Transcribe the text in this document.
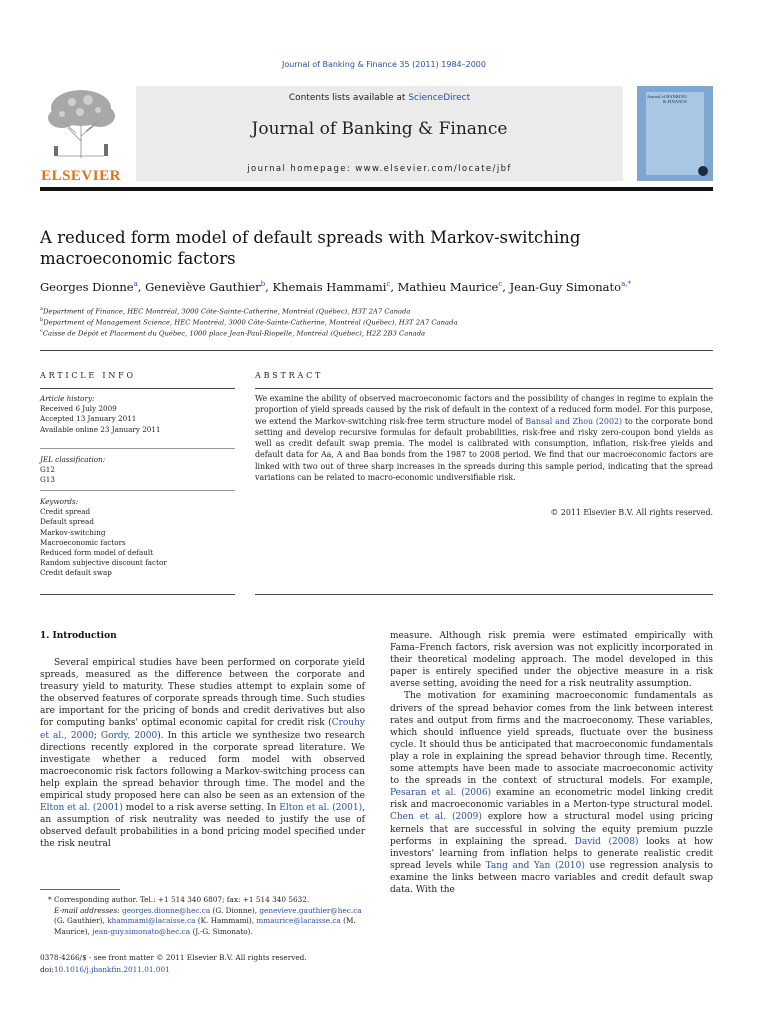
Journal of Banking & Finance 35 (2011) 1984–2000
ELSEVIER
Contents lists available at ScienceDirect
Journal of Banking & Finance
journal homepage: www.elsevier.com/locate/jbf
Journal of BANKING & FINANCE
A reduced form model of default spreads with Markov-switching
macroeconomic factors
Georges Dionne$^a$, Geneviève Gauthier$^b$, Khemais Hammami$^c$, Mathieu Maurice$^c$, Jean-Guy Simonato$^{a,*}$
$^a$Department of Finance, HEC Montréal, 3000 Côte-Sainte-Catherine, Montréal (Québec), H3T 2A7 Canada
$^b$Department of Management Science, HEC Montréal, 3000 Côte-Sainte-Catherine, Montréal (Québec), H3T 2A7 Canada
$^c$Caisse de Dépôt et Placement du Québec, 1000 place Jean-Paul-Riopelle, Montréal (Québec), H2Z 2B3 Canada
ARTICLE INFO	ABSTRACT
Article history:
Received 6 July 2009
Accepted 13 January 2011
Available online 23 January 2011
JEL classification:
G12
G13
Keywords:
Credit spread
Default spread
Markov-switching
Macroeconomic factors
Reduced form model of default
Random subjective discount factor
Credit default swap
We examine the ability of observed macroeconomic factors and the possibility of changes in regime to explain the proportion of yield spreads caused by the risk of default in the context of a reduced form model. For this purpose, we extend the Markov-switching risk-free term structure model of Bansal and Zhou (2002) to the corporate bond setting and develop recursive formulas for default probabilities, risk-free and risky zero-coupon bond yields as well as credit default swap premia. The model is calibrated with consumption, inflation, risk-free yields and default data for Aa, A and Baa bonds from the 1987 to 2008 period. We find that our macroeconomic factors are linked with two out of three sharp increases in the spreads during this sample period, indicating that the spread variations can be related to macro-economic undiversifiable risk.
© 2011 Elsevier B.V. All rights reserved.
1. Introduction

Several empirical studies have been performed on corporate yield spreads, measured as the difference between the corporate and treasury yield to maturity. These studies attempt to explain some of the observed features of corporate spreads through time. Such studies are important for the pricing of bonds and credit derivatives but also for computing banks' optimal economic capital for credit risk (Crouhy et al., 2000; Gordy, 2000). In this article we synthesize two research directions recently explored in the corporate spread literature. We investigate whether a reduced form model with observed macroeconomic risk factors following a Markov-switching process can help explain the spread behavior through time. The model and the empirical study proposed here can also be seen as an extension of the Elton et al. (2001) model to a risk averse setting. In Elton et al. (2001), an assumption of risk neutrality was needed to justify the use of observed default probabilities in a bond pricing model specified under the risk neutral

measure. Although risk premia were estimated empirically with Fama–French factors, risk aversion was not explicitly incorporated in their theoretical modeling approach. The model developed in this paper is entirely specified under the objective measure in a risk averse setting, avoiding the need for a risk neutrality assumption.

The motivation for examining macroeconomic fundamentals as drivers of the spread behavior comes from the link between interest rates and output from firms and the macroeconomy. These variables, which should influence yield spreads, fluctuate over the business cycle. It should thus be anticipated that macroeconomic fundamentals play a role in explaining the spread behavior through time. Recently, some attempts have been made to associate macroeconomic activity to the spreads in the context of structural models. For example, Pesaran et al. (2006) examine an econometric model linking credit risk and macroeconomic variables in a Merton-type structural model. Chen et al. (2009) explore how a structural model using pricing kernels that are successful in solving the equity premium puzzle performs in explaining the spread. David (2008) looks at how investors' learning from inflation helps to generate realistic credit spread levels while Tang and Yan (2010) use regression analysis to examine the links between macro variables and credit default swap data. With the

* Corresponding author. Tel.: +1 514 340 6807; fax: +1 514 340 5632.
E-mail addresses: georges.dionne@hec.ca (G. Dionne), genevieve.gauthier@hec.ca (G. Gauthier), khammami@lacaisse.ca (K. Hammami), mmaurice@lacaisse.ca (M. Maurice), jean-guy.simonato@hec.ca (J.-G. Simonato).
0378-4266/$ - see front matter © 2011 Elsevier B.V. All rights reserved.
doi:10.1016/j.jbankfin.2011.01.001
